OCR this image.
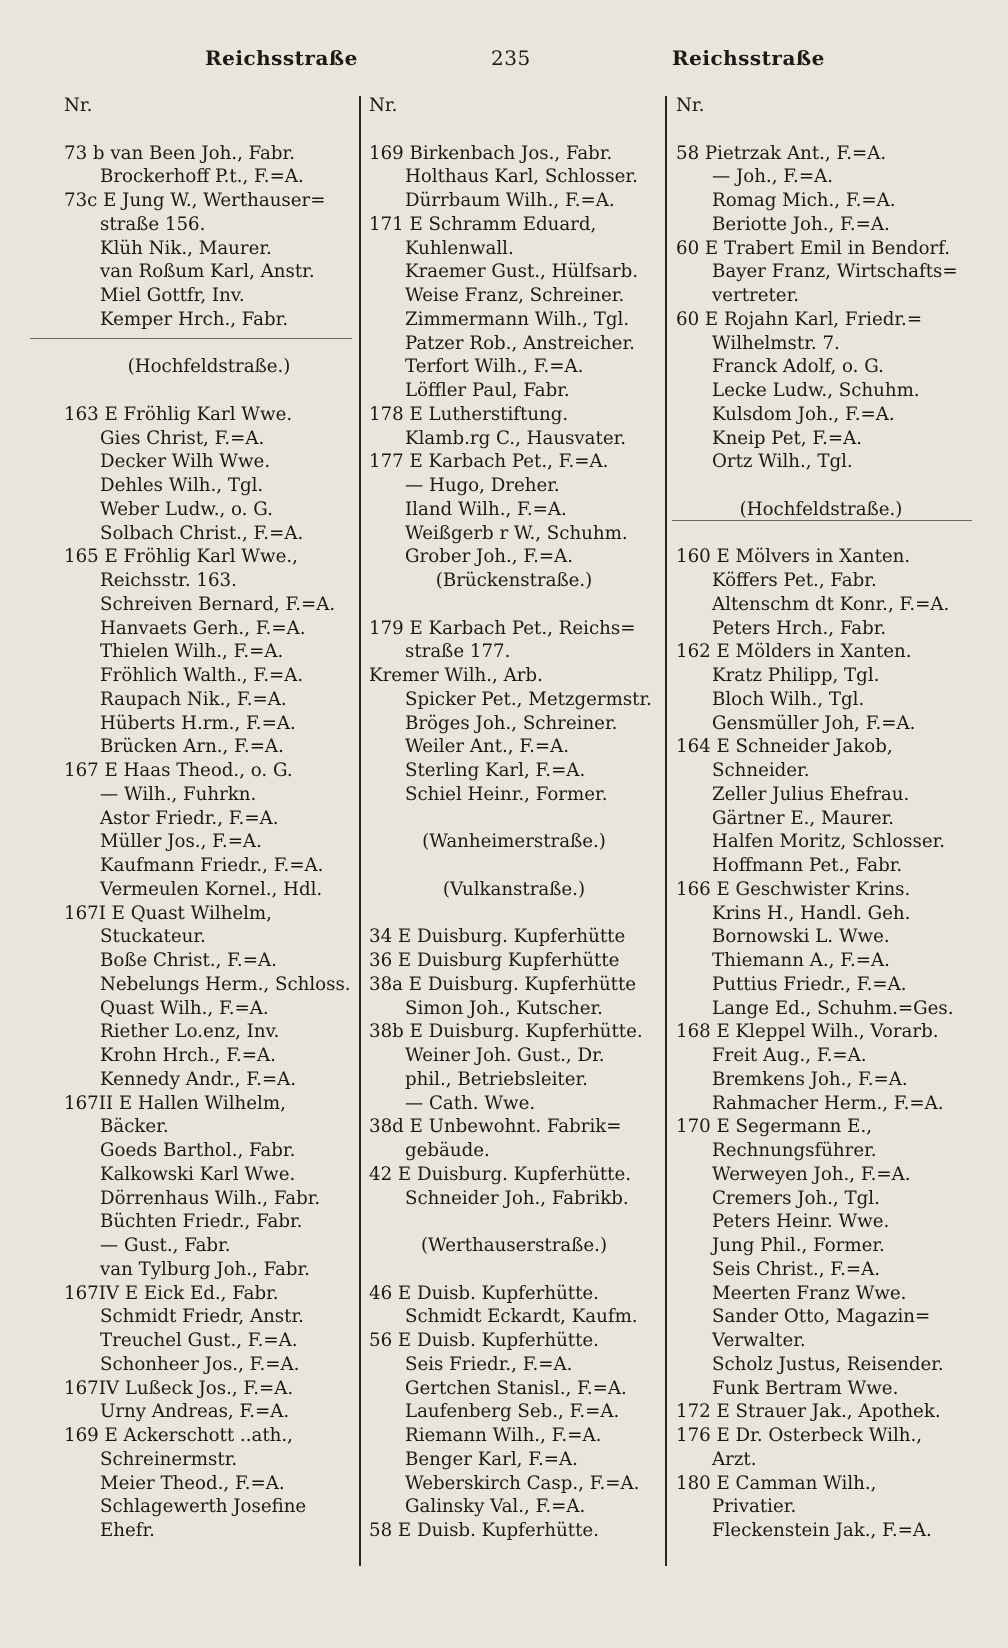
Reichsstraße	235	Reichsstraße
Nr.
73 b van Been Joh., Fabr.
Brockerhoff P.t., F.=A.
73c E Jung W., Werthauser=
straße 156.
Klüh Nik., Maurer.
van Roßum Karl, Anstr.
Miel Gottfr, Inv.
Kemper Hrch., Fabr.
(Hochfeldstraße.)
163 E Fröhlig Karl Wwe.
Gies Christ, F.=A.
Decker Wilh Wwe.
Dehles Wilh., Tgl.
Weber Ludw., o. G.
Solbach Christ., F.=A.
165 E Fröhlig Karl Wwe.,
Reichsstr. 163.
Schreiven Bernard, F.=A.
Hanvaets Gerh., F.=A.
Thielen Wilh., F.=A.
Fröhlich Walth., F.=A.
Raupach Nik., F.=A.
Hüberts H.rm., F.=A.
Brücken Arn., F.=A.
167 E Haas Theod., o. G.
— Wilh., Fuhrkn.
Astor Friedr., F.=A.
Müller Jos., F.=A.
Kaufmann Friedr., F.=A.
Vermeulen Kornel., Hdl.
167I E Quast Wilhelm,
Stuckateur.
Boße Christ., F.=A.
Nebelungs Herm., Schloss.
Quast Wilh., F.=A.
Riether Lo.enz, Inv.
Krohn Hrch., F.=A.
Kennedy Andr., F.=A.
167II E Hallen Wilhelm,
Bäcker.
Goeds Barthol., Fabr.
Kalkowski Karl Wwe.
Dörrenhaus Wilh., Fabr.
Büchten Friedr., Fabr.
— Gust., Fabr.
van Tylburg Joh., Fabr.
167IV E Eick Ed., Fabr.
Schmidt Friedr, Anstr.
Treuchel Gust., F.=A.
Schonheer Jos., F.=A.
167IV Lußeck Jos., F.=A.
Urny Andreas, F.=A.
169 E Ackerschott ..ath.,
Schreinermstr.
Meier Theod., F.=A.
Schlagewerth Josefine
Ehefr.
Nr.
169 Birkenbach Jos., Fabr.
Holthaus Karl, Schlosser.
Dürrbaum Wilh., F.=A.
171 E Schramm Eduard,
Kuhlenwall.
Kraemer Gust., Hülfsarb.
Weise Franz, Schreiner.
Zimmermann Wilh., Tgl.
Patzer Rob., Anstreicher.
Terfort Wilh., F.=A.
Löffler Paul, Fabr.
178 E Lutherstiftung.
Klamb.rg C., Hausvater.
177 E Karbach Pet., F.=A.
— Hugo, Dreher.
Iland Wilh., F.=A.
Weißgerb r W., Schuhm.
Grober Joh., F.=A.
(Brückenstraße.)
179 E Karbach Pet., Reichs=
straße 177.
Kremer Wilh., Arb.
Spicker Pet., Metzgermstr.
Bröges Joh., Schreiner.
Weiler Ant., F.=A.
Sterling Karl, F.=A.
Schiel Heinr., Former.
(Wanheimerstraße.)
(Vulkanstraße.)
34 E Duisburg. Kupferhütte
36 E Duisburg Kupferhütte
38a E Duisburg. Kupferhütte
Simon Joh., Kutscher.
38b E Duisburg. Kupferhütte.
Weiner Joh. Gust., Dr.
phil., Betriebsleiter.
— Cath. Wwe.
38d E Unbewohnt. Fabrik=
gebäude.
42 E Duisburg. Kupferhütte.
Schneider Joh., Fabrikb.
(Werthauserstraße.)
46 E Duisb. Kupferhütte.
Schmidt Eckardt, Kaufm.
56 E Duisb. Kupferhütte.
Seis Friedr., F.=A.
Gertchen Stanisl., F.=A.
Laufenberg Seb., F.=A.
Riemann Wilh., F.=A.
Benger Karl, F.=A.
Weberskirch Casp., F.=A.
Galinsky Val., F.=A.
58 E Duisb. Kupferhütte.
Nr.
58 Pietrzak Ant., F.=A.
— Joh., F.=A.
Romag Mich., F.=A.
Beriotte Joh., F.=A.
60 E Trabert Emil in Bendorf.
Bayer Franz, Wirtschafts=
vertreter.
60 E Rojahn Karl, Friedr.=
Wilhelmstr. 7.
Franck Adolf, o. G.
Lecke Ludw., Schuhm.
Kulsdom Joh., F.=A.
Kneip Pet, F.=A.
Ortz Wilh., Tgl.
(Hochfeldstraße.)
160 E Mölvers in Xanten.
Köffers Pet., Fabr.
Altenschm dt Konr., F.=A.
Peters Hrch., Fabr.
162 E Mölders in Xanten.
Kratz Philipp, Tgl.
Bloch Wilh., Tgl.
Gensmüller Joh, F.=A.
164 E Schneider Jakob,
Schneider.
Zeller Julius Ehefrau.
Gärtner E., Maurer.
Halfen Moritz, Schlosser.
Hoffmann Pet., Fabr.
166 E Geschwister Krins.
Krins H., Handl. Geh.
Bornowski L. Wwe.
Thiemann A., F.=A.
Puttius Friedr., F.=A.
Lange Ed., Schuhm.=Ges.
168 E Kleppel Wilh., Vorarb.
Freit Aug., F.=A.
Bremkens Joh., F.=A.
Rahmacher Herm., F.=A.
170 E Segermann E.,
Rechnungsführer.
Werweyen Joh., F.=A.
Cremers Joh., Tgl.
Peters Heinr. Wwe.
Jung Phil., Former.
Seis Christ., F.=A.
Meerten Franz Wwe.
Sander Otto, Magazin=
Verwalter.
Scholz Justus, Reisender.
Funk Bertram Wwe.
172 E Strauer Jak., Apothek.
176 E Dr. Osterbeck Wilh.,
Arzt.
180 E Camman Wilh.,
Privatier.
Fleckenstein Jak., F.=A.
